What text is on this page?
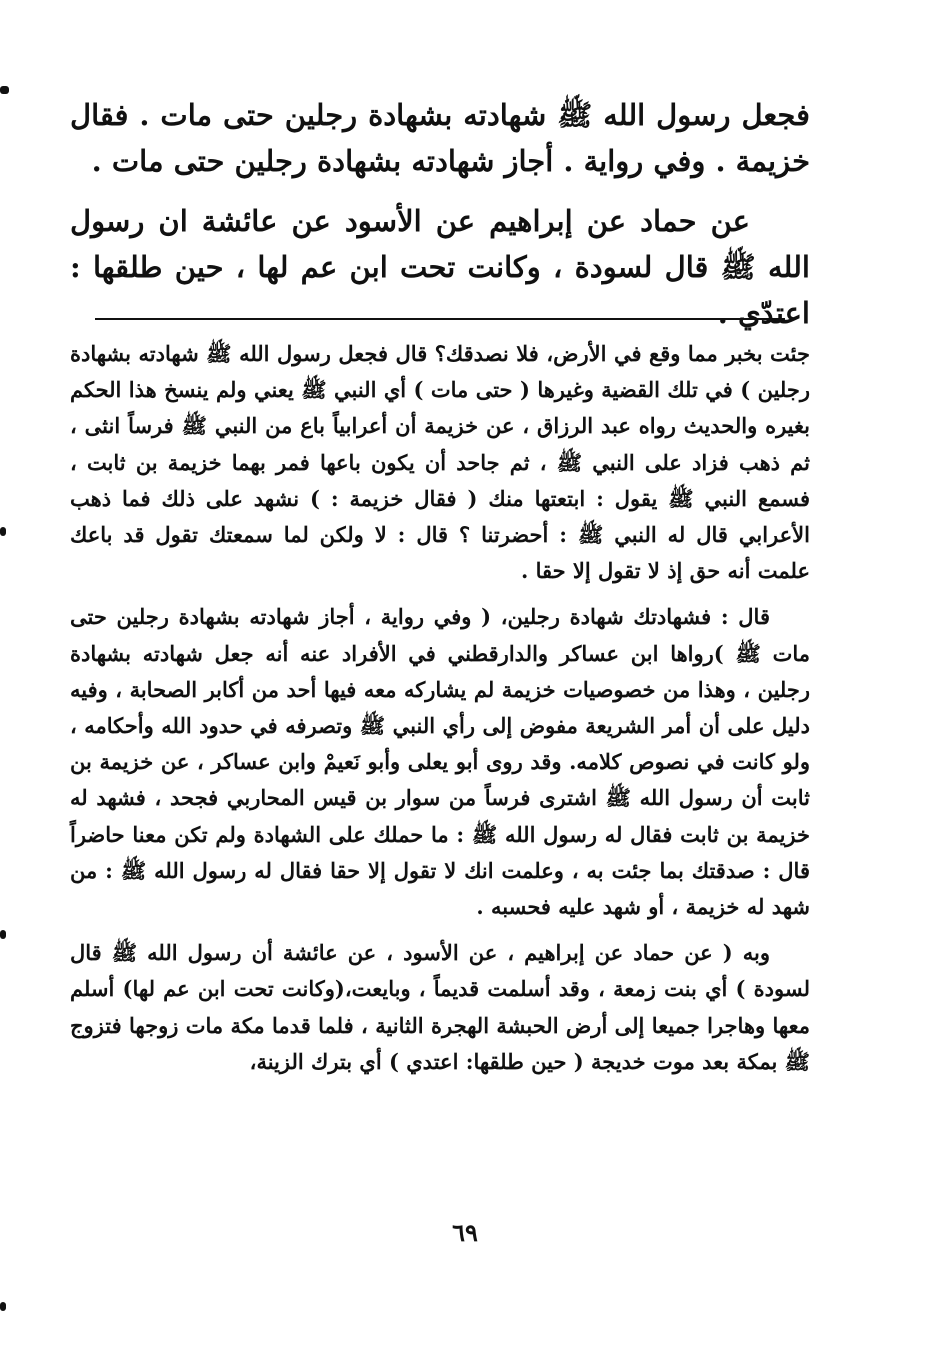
فجعل رسول الله ﷺ شهادته بشهادة رجلين حتى مات . فقال خزيمة . وفي رواية . أجاز شهادته بشهادة رجلين حتى مات .

عن حماد عن إبراهيم عن الأسود عن عائشة ان رسول الله ﷺ قال لسودة ، وكانت تحت ابن عم لها ، حين طلقها : اعتدّي .

جئت بخبر مما وقع في الأرض، فلا نصدقك؟ قال فجعل رسول الله ﷺ شهادته بشهادة رجلين ) في تلك القضية وغيرها ( حتى مات ) أي النبي ﷺ يعني ولم ينسخ هذا الحكم بغيره والحديث رواه عبد الرزاق ، عن خزيمة أن أعرابياً باع من النبي ﷺ فرساً انثى ، ثم ذهب فزاد على النبي ﷺ ، ثم جاحد أن يكون باعها فمر بهما خزيمة بن ثابت ، فسمع النبي ﷺ يقول : ابتعتها منك ( فقال خزيمة : ) نشهد على ذلك فما ذهب الأعرابي قال له النبي ﷺ : أحضرتنا ؟ قال : لا ولكن لما سمعتك تقول قد باعك علمت أنه حق إذ لا تقول إلا حقا .

قال : فشهادتك شهادة رجلين، ( وفي رواية ، أجاز شهادته بشهادة رجلين حتى مات ﷺ )رواها ابن عساكر والدارقطني في الأفراد عنه أنه جعل شهادته بشهادة رجلين ، وهذا من خصوصيات خزيمة لم يشاركه معه فيها أحد من أكابر الصحابة ، وفيه دليل على أن أمر الشريعة مفوض إلى رأي النبي ﷺ وتصرفه في حدود الله وأحكامه ، ولو كانت في نصوص كلامه. وقد روى أبو يعلى وأبو نَعيمْ وابن عساكر ، عن خزيمة بن ثابت أن رسول الله ﷺ اشترى فرساً من سوار بن قيس المحاربي فجحد ، فشهد له خزيمة بن ثابت فقال له رسول الله ﷺ : ما حملك على الشهادة ولم تكن معنا حاضراً قال : صدقتك بما جئت به ، وعلمت انك لا تقول إلا حقا فقال له رسول الله ﷺ : من شهد له خزيمة ، أو شهد عليه فحسبه .

وبه ( عن حماد عن إبراهيم ، عن الأسود ، عن عائشة أن رسول الله ﷺ قال لسودة ) أي بنت زمعة ، وقد أسلمت قديماً ، وبايعت،(وكانت تحت ابن عم لها) أسلم معها وهاجرا جميعا إلى أرض الحبشة الهجرة الثانية ، فلما قدما مكة مات زوجها فتزوج ﷺ بمكة بعد موت خديجة ( حين طلقها: اعتدي ) أي بترك الزينة،

٦٩
